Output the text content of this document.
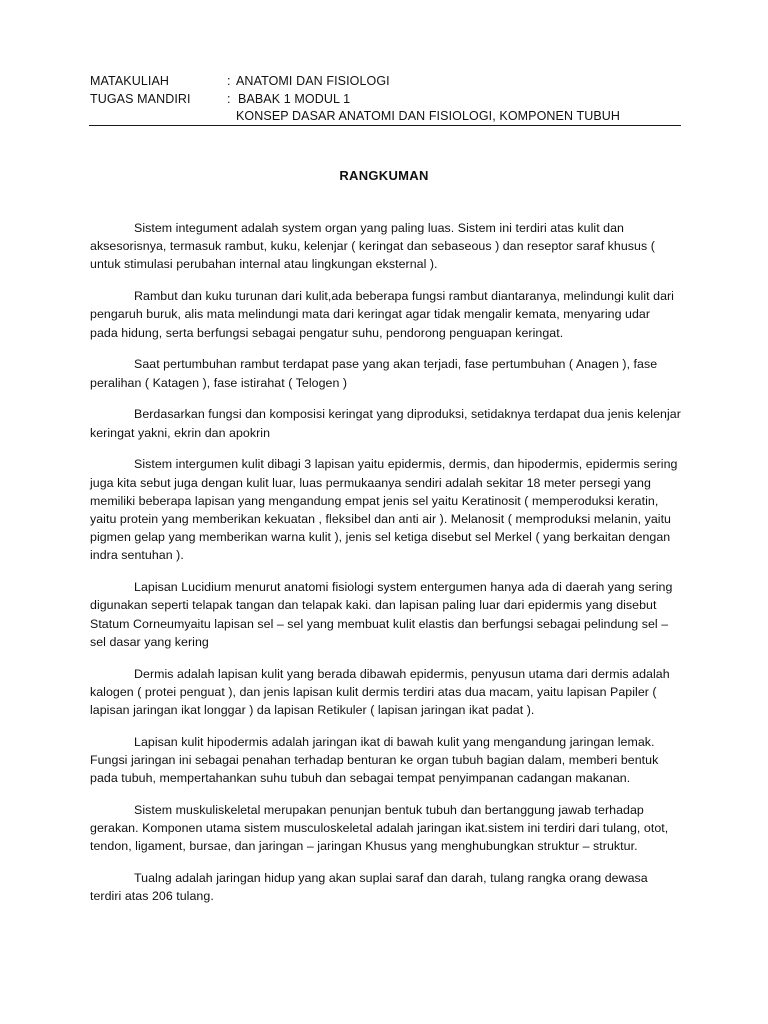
MATAKULIAH	: ANATOMI DAN FISIOLOGI
TUGAS MANDIRI	: BABAK 1 MODUL 1
KONSEP DASAR ANATOMI DAN FISIOLOGI, KOMPONEN TUBUH
RANGKUMAN

Sistem integument adalah system organ yang paling luas. Sistem ini terdiri atas kulit dan aksesorisnya, termasuk rambut, kuku, kelenjar ( keringat dan sebaseous ) dan reseptor saraf khusus ( untuk stimulasi perubahan internal atau lingkungan eksternal ).

Rambut dan kuku turunan dari kulit,ada beberapa fungsi rambut diantaranya, melindungi kulit dari pengaruh buruk, alis mata melindungi mata dari keringat agar tidak mengalir kemata, menyaring udar pada hidung, serta berfungsi sebagai pengatur suhu, pendorong penguapan keringat.

Saat pertumbuhan rambut terdapat pase yang akan terjadi, fase pertumbuhan ( Anagen ), fase peralihan ( Katagen ), fase istirahat ( Telogen )

Berdasarkan fungsi dan komposisi keringat yang diproduksi, setidaknya terdapat dua jenis kelenjar keringat yakni, ekrin dan apokrin

Sistem intergumen kulit dibagi 3 lapisan yaitu epidermis, dermis, dan hipodermis, epidermis sering juga kita sebut juga dengan kulit luar, luas permukaanya sendiri adalah sekitar 18 meter persegi yang memiliki beberapa lapisan yang mengandung empat jenis sel yaitu Keratinosit ( memperoduksi keratin, yaitu protein yang memberikan kekuatan , fleksibel dan anti air ). Melanosit ( memproduksi melanin, yaitu pigmen gelap yang memberikan warna kulit ), jenis sel ketiga disebut sel Merkel ( yang berkaitan dengan indra sentuhan ).

Lapisan Lucidium menurut anatomi fisiologi system entergumen hanya ada di daerah yang sering digunakan seperti telapak tangan dan telapak kaki. dan lapisan paling luar dari epidermis yang disebut Statum Corneumyaitu lapisan sel – sel yang membuat kulit elastis dan berfungsi sebagai pelindung sel – sel dasar yang kering

Dermis adalah lapisan kulit yang berada dibawah epidermis, penyusun utama dari dermis adalah kalogen ( protei penguat ), dan jenis lapisan kulit dermis terdiri atas dua macam, yaitu lapisan Papiler ( lapisan jaringan ikat longgar ) da lapisan Retikuler ( lapisan jaringan ikat padat ).

Lapisan kulit hipodermis adalah jaringan ikat di bawah kulit yang mengandung jaringan lemak. Fungsi jaringan ini sebagai penahan terhadap benturan ke organ tubuh bagian dalam, memberi bentuk pada tubuh, mempertahankan suhu tubuh dan sebagai tempat penyimpanan cadangan makanan.

Sistem muskuliskeletal merupakan penunjan bentuk tubuh dan bertanggung jawab terhadap gerakan. Komponen utama sistem musculoskeletal adalah jaringan ikat.sistem ini terdiri dari tulang, otot, tendon, ligament, bursae, dan jaringan – jaringan Khusus yang menghubungkan struktur – struktur.

Tualng adalah jaringan hidup yang akan suplai saraf dan darah, tulang rangka orang dewasa terdiri atas 206 tulang.
